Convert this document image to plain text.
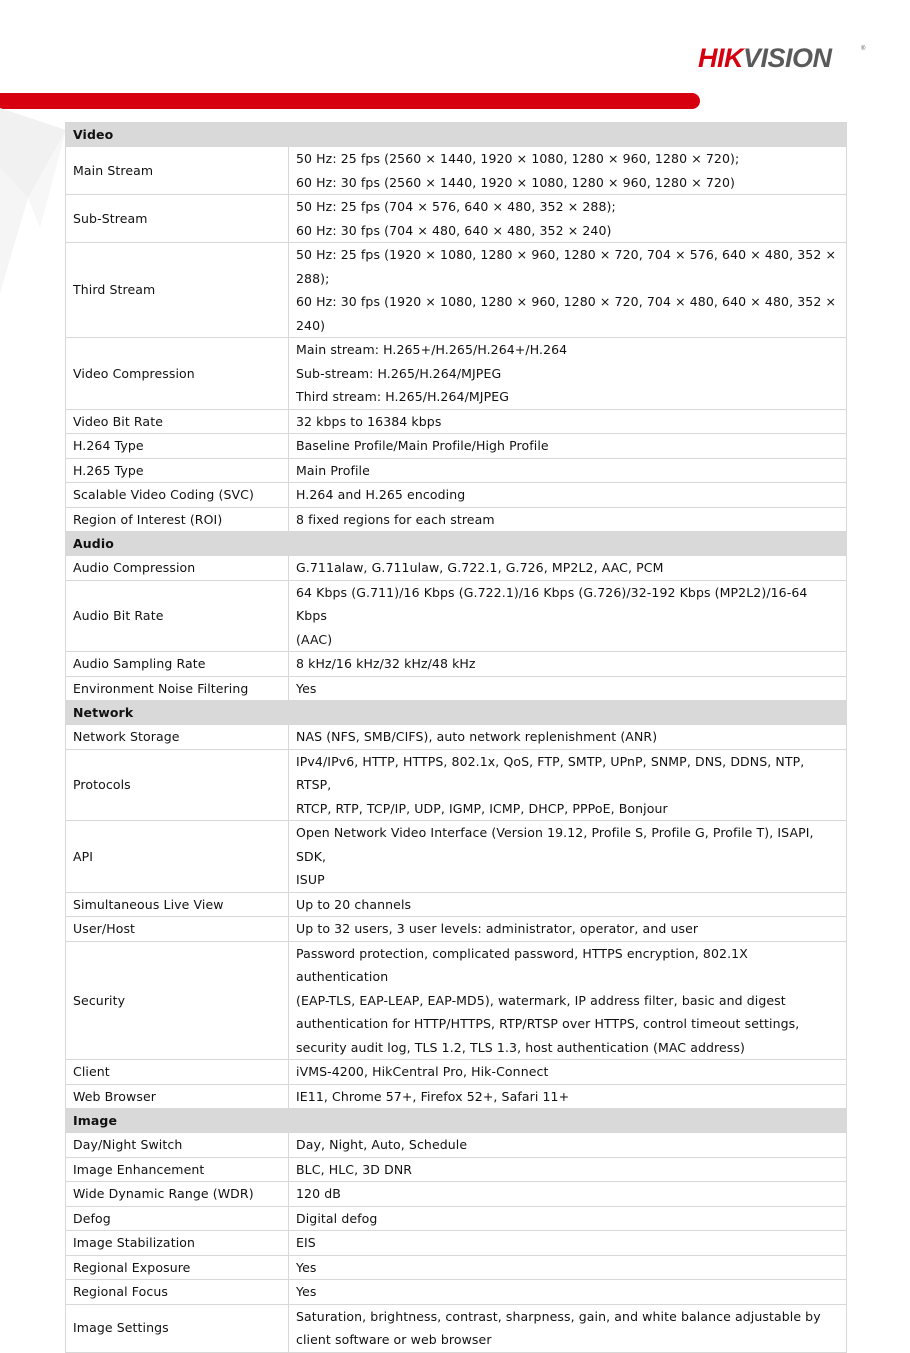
HIKVISION	®
Video	
Main Stream	50 Hz: 25 fps (2560 × 1440, 1920 × 1080, 1280 × 960, 1280 × 720);
60 Hz: 30 fps (2560 × 1440, 1920 × 1080, 1280 × 960, 1280 × 720)

Sub-Stream	50 Hz: 25 fps (704 × 576, 640 × 480, 352 × 288);
60 Hz: 30 fps (704 × 480, 640 × 480, 352 × 240)

Third Stream	50 Hz: 25 fps (1920 × 1080, 1280 × 960, 1280 × 720, 704 × 576, 640 × 480, 352 × 288);
60 Hz: 30 fps (1920 × 1080, 1280 × 960, 1280 × 720, 704 × 480, 640 × 480, 352 × 240)

Video Compression	Main stream: H.265+/H.265/H.264+/H.264
Sub-stream: H.265/H.264/MJPEG
Third stream: H.265/H.264/MJPEG

Video Bit Rate	32 kbps to 16384 kbps

H.264 Type	Baseline Profile/Main Profile/High Profile

H.265 Type	Main Profile

Scalable Video Coding (SVC)	H.264 and H.265 encoding

Region of Interest (ROI)	8 fixed regions for each stream

Audio	
Audio Compression	G.711alaw, G.711ulaw, G.722.1, G.726, MP2L2, AAC, PCM

Audio Bit Rate	64 Kbps (G.711)/16 Kbps (G.722.1)/16 Kbps (G.726)/32-192 Kbps (MP2L2)/16-64 Kbps
(AAC)

Audio Sampling Rate	8 kHz/16 kHz/32 kHz/48 kHz

Environment Noise Filtering	Yes

Network	
Network Storage	NAS (NFS, SMB/CIFS), auto network replenishment (ANR)

Protocols	IPv4/IPv6, HTTP, HTTPS, 802.1x, QoS, FTP, SMTP, UPnP, SNMP, DNS, DDNS, NTP, RTSP,
RTCP, RTP, TCP/IP, UDP, IGMP, ICMP, DHCP, PPPoE, Bonjour

API	Open Network Video Interface (Version 19.12, Profile S, Profile G, Profile T), ISAPI, SDK,
ISUP

Simultaneous Live View	Up to 20 channels

User/Host	Up to 32 users, 3 user levels: administrator, operator, and user

Security	Password protection, complicated password, HTTPS encryption, 802.1X authentication
(EAP-TLS, EAP-LEAP, EAP-MD5), watermark, IP address filter, basic and digest
authentication for HTTP/HTTPS, RTP/RTSP over HTTPS, control timeout settings,
security audit log, TLS 1.2, TLS 1.3, host authentication (MAC address)

Client	iVMS-4200, HikCentral Pro, Hik-Connect

Web Browser	IE11, Chrome 57+, Firefox 52+, Safari 11+

Image	
Day/Night Switch	Day, Night, Auto, Schedule

Image Enhancement	BLC, HLC, 3D DNR

Wide Dynamic Range (WDR)	120 dB

Defog	Digital defog

Image Stabilization	EIS

Regional Exposure	Yes

Regional Focus	Yes

Image Settings	Saturation, brightness, contrast, sharpness, gain, and white balance adjustable by
client software or web browser
